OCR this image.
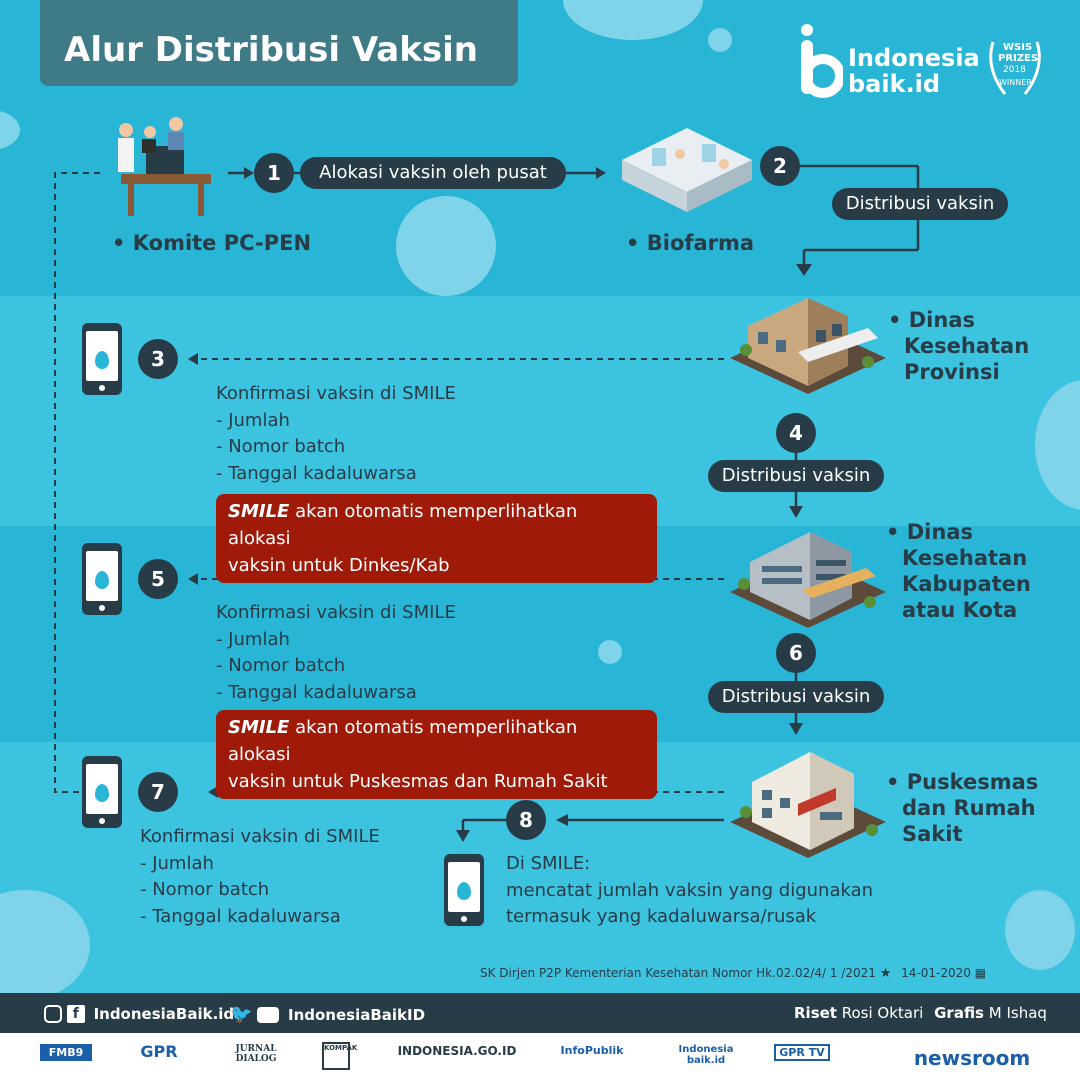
Alur Distribusi Vaksin	Indonesia
baik.id
WSIS
PRIZES
2018
WINNER
• Komite PC-PEN	• Biofarma
• Dinas
Kesehatan
Provinsi
• Dinas
Kesehatan
Kabupaten
atau Kota
• Puskesmas
dan Rumah
Sakit
1	2
3
4
5
6
7
8
Alokasi vaksin oleh pusat
Distribusi vaksin
Distribusi vaksin
Distribusi vaksin
Konfirmasi vaksin di SMILE
- Jumlah
- Nomor batch
- Tanggal kadaluwarsa
Konfirmasi vaksin di SMILE
- Jumlah
- Nomor batch
- Tanggal kadaluwarsa
Konfirmasi vaksin di SMILE
- Jumlah
- Nomor batch
- Tanggal kadaluwarsa
SMILE akan otomatis memperlihatkan alokasi
vaksin untuk Dinkes/Kab
SMILE akan otomatis memperlihatkan alokasi
vaksin untuk Puskesmas dan Rumah Sakit
Di SMILE:
mencatat jumlah vaksin yang digunakan
termasuk yang kadaluwarsa/rusak
SK Dirjen P2P Kementerian Kesehatan Nomor Hk.02.02/4/ 1 /2021 ★ 14-01-2020 ▦
f IndonesiaBaik.id
🐦 IndonesiaBaikID	Riset Rosi Oktari Grafis M Ishaq
FMB9	GPR	JURNAL DIALOG
KOMPAK	INDONESIA.GO.ID	InfoPublik	Indonesia baik.id
GPR TV	newsroom
